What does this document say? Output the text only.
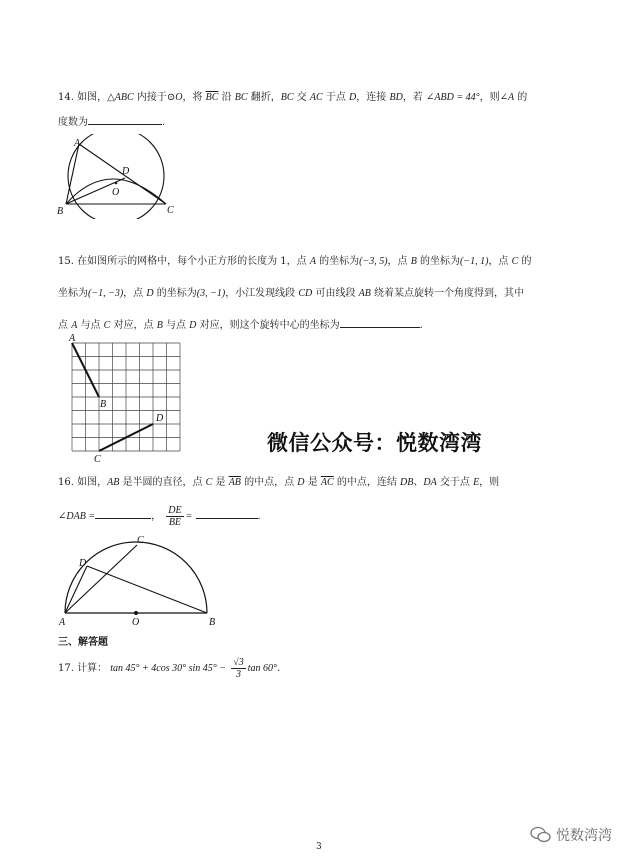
14. 如图，△ABC 内接于⊙O，将 $\overline{BC}$ 沿 BC 翻折，BC 交 AC 于点 D，连接 BD，若 ∠ABD = 44°，则∠A 的
度数为	.
A
B	C
D
O
15. 在如图所示的网格中，每个小正方形的长度为 1，点 A 的坐标为(−3, 5)，点 B 的坐标为(−1, 1)，点 C 的
坐标为(−1, −3)，点 D 的坐标为(3, −1)，小江发现线段 CD 可由线段 AB 绕着某点旋转一个角度得到，其中
点 A 与点 C 对应，点 B 与点 D 对应，则这个旋转中心的坐标为	.
A
B
C
D
微信公众号：悦数湾湾
16. 如图，AB 是半圆的直径，点 C 是 $\overline{AB}$ 的中点，点 D 是 $\overline{AC}$ 的中点，连结 DB、DA 交于点 E，则
∠DAB =	， $\frac{DE}{BE}$ =	.
A	B
C
D
O
三、解答题
17. 计算： tan 45° + 4cos 30° $\sin 45^\circ - \frac{√3}{3}$ tan 60°.
3
悦数湾湾
